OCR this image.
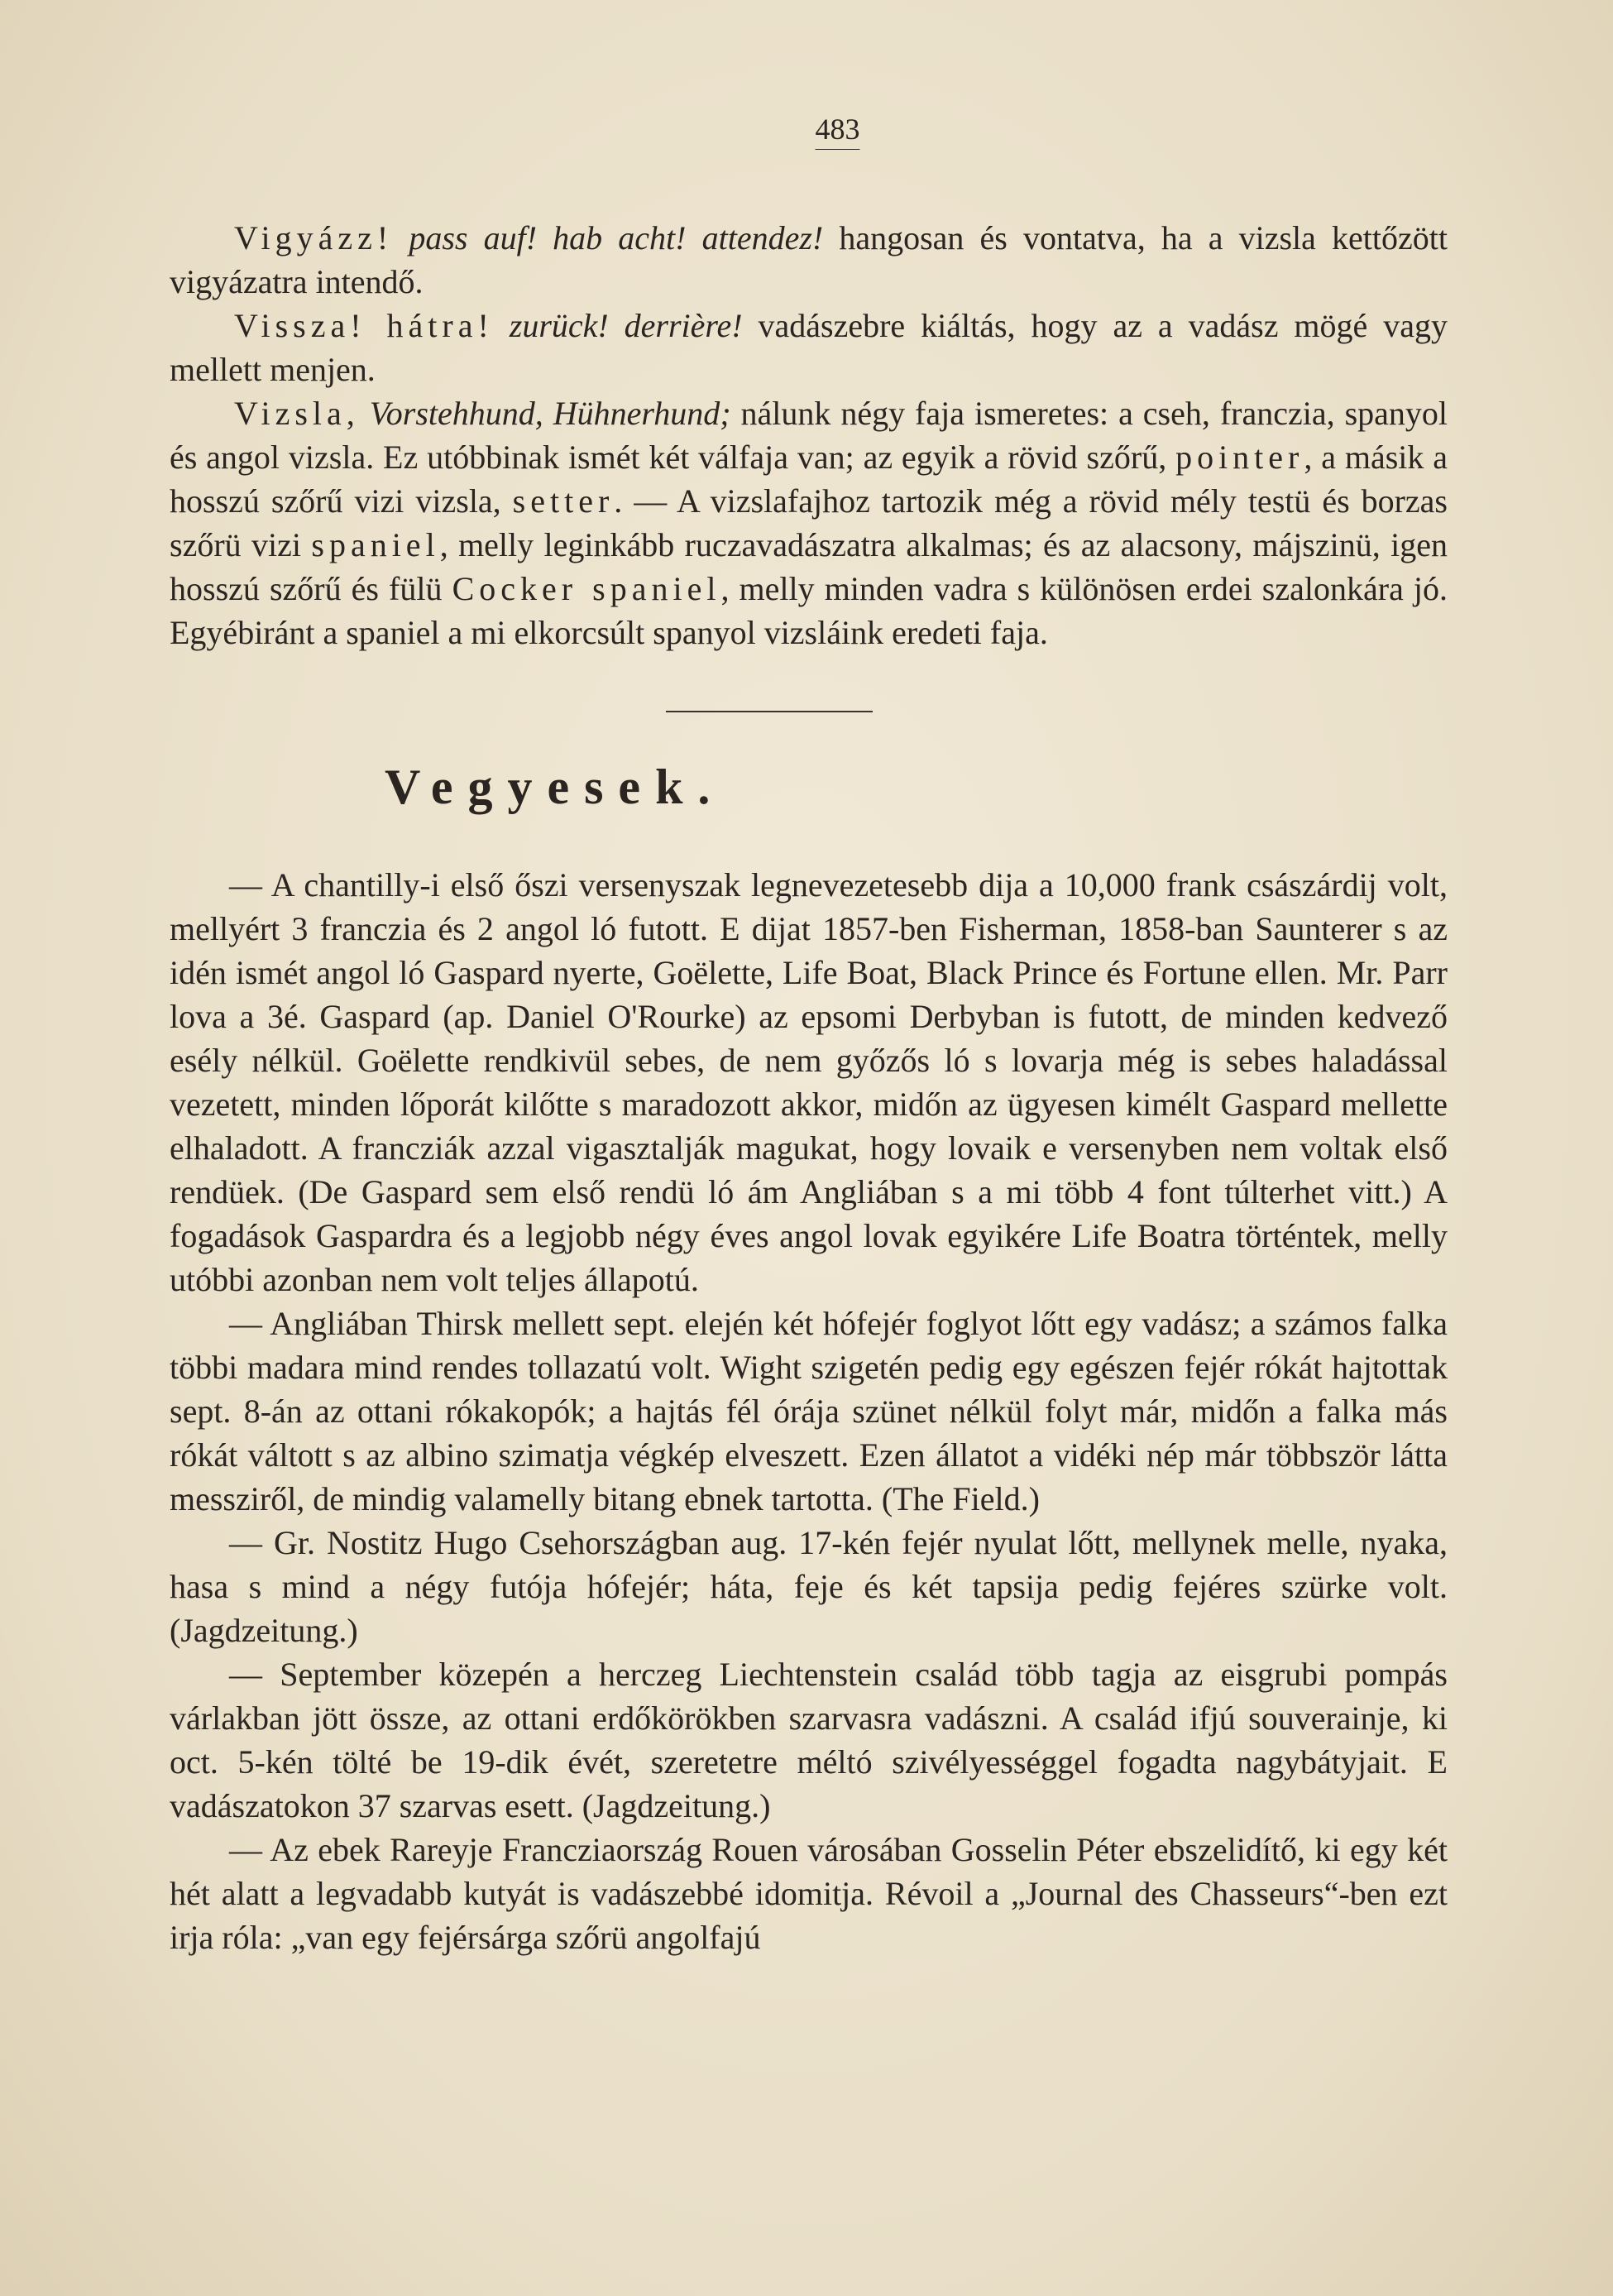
483

Vigyázz! pass auf! hab acht! attendez! hangosan és vontatva, ha a vizsla kettőzött vigyázatra intendő.

Vissza! hátra! zurück! derrière! vadászebre kiáltás, hogy az a vadász mögé vagy mellett menjen.

Vizsla, Vorstehhund, Hühnerhund; nálunk négy faja ismeretes: a cseh, franczia, spanyol és angol vizsla. Ez utóbbinak ismét két válfaja van; az egyik a rövid szőrű, pointer, a másik a hosszú szőrű vizi vizsla, setter. — A vizslafajhoz tartozik még a rövid mély testü és borzas szőrü vizi spaniel, melly leginkább ruczavadászatra alkalmas; és az alacsony, májszinü, igen hosszú szőrű és fülü Cocker spaniel, melly minden vadra s különösen erdei szalonkára jó. Egyébiránt a spaniel a mi elkorcsúlt spanyol vizsláink eredeti faja.

Vegyesek.

— A chantilly-i első őszi versenyszak legnevezetesebb dija a 10,000 frank császárdij volt, mellyért 3 franczia és 2 angol ló futott. E dijat 1857-ben Fisherman, 1858-ban Saunterer s az idén ismét angol ló Gaspard nyerte, Goëlette, Life Boat, Black Prince és Fortune ellen. Mr. Parr lova a 3é. Gaspard (ap. Daniel O'Rourke) az epsomi Derbyban is futott, de minden kedvező esély nélkül. Goëlette rendkivül sebes, de nem győzős ló s lovarja még is sebes haladással vezetett, minden lőporát kilőtte s maradozott akkor, midőn az ügyesen kimélt Gaspard mellette elhaladott. A francziák azzal vigasztalják magukat, hogy lovaik e versenyben nem voltak első rendüek. (De Gaspard sem első rendü ló ám Angliában s a mi több 4 font túlterhet vitt.) A fogadások Gaspardra és a legjobb négy éves angol lovak egyikére Life Boatra történtek, melly utóbbi azonban nem volt teljes állapotú.

— Angliában Thirsk mellett sept. elején két hófejér foglyot lőtt egy vadász; a számos falka többi madara mind rendes tollazatú volt. Wight szigetén pedig egy egészen fejér rókát hajtottak sept. 8-án az ottani rókakopók; a hajtás fél órája szünet nélkül folyt már, midőn a falka más rókát váltott s az albino szimatja végkép elveszett. Ezen állatot a vidéki nép már többször látta messziről, de mindig valamelly bitang ebnek tartotta. (The Field.)

— Gr. Nostitz Hugo Csehországban aug. 17-kén fejér nyulat lőtt, mellynek melle, nyaka, hasa s mind a négy futója hófejér; háta, feje és két tapsija pedig fejéres szürke volt. (Jagdzeitung.)

— September közepén a herczeg Liechtenstein család több tagja az eisgrubi pompás várlakban jött össze, az ottani erdőkörökben szarvasra vadászni. A család ifjú souverainje, ki oct. 5-kén tölté be 19-dik évét, szeretetre méltó szivélyességgel fogadta nagybátyjait. E vadászatokon 37 szarvas esett. (Jagdzeitung.)

— Az ebek Rareyje Francziaország Rouen városában Gosselin Péter ebszelidítő, ki egy két hét alatt a legvadabb kutyát is vadászebbé idomitja. Révoil a „Journal des Chasseurs“-ben ezt irja róla: „van egy fejérsárga szőrü angolfajú
